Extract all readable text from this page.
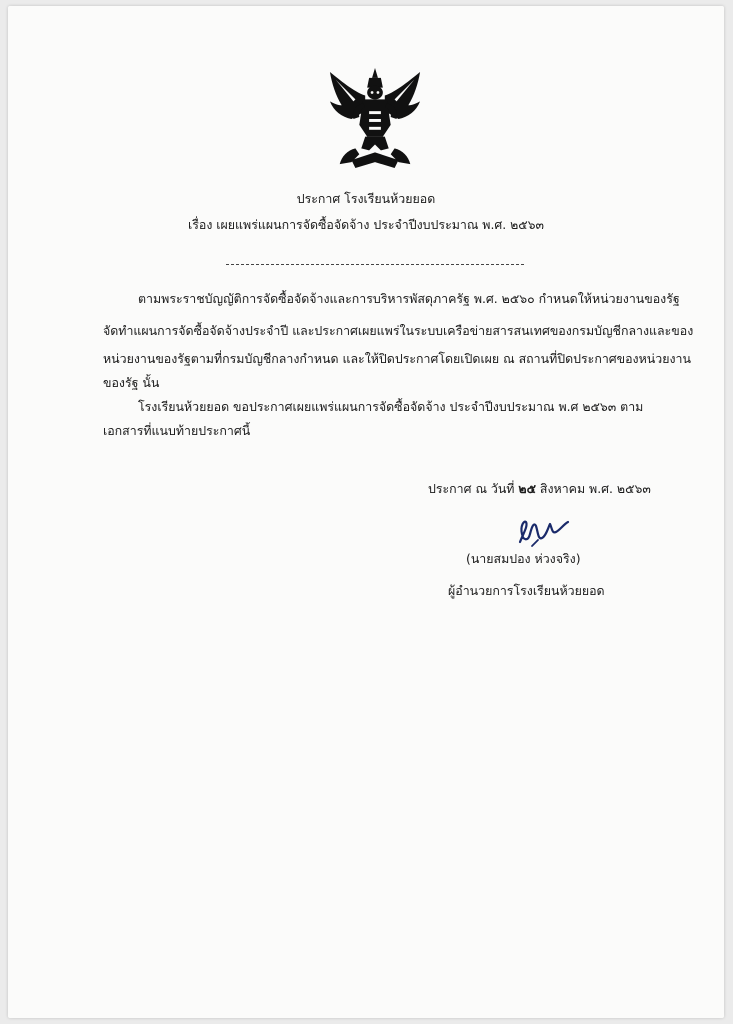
ประกาศ โรงเรียนห้วยยอด
เรื่อง เผยแพร่แผนการจัดซื้อจัดจ้าง ประจำปีงบประมาณ พ.ศ. ๒๕๖๓
ตามพระราชบัญญัติการจัดซื้อจัดจ้างและการบริหารพัสดุภาครัฐ พ.ศ. ๒๕๖๐ กำหนดให้หน่วยงานของรัฐ
จัดทำแผนการจัดซื้อจัดจ้างประจำปี และประกาศเผยแพร่ในระบบเครือข่ายสารสนเทศของกรมบัญชีกลางและของ
หน่วยงานของรัฐตามที่กรมบัญชีกลางกำหนด และให้ปิดประกาศโดยเปิดเผย ณ สถานที่ปิดประกาศของหน่วยงาน
ของรัฐ นั้น
โรงเรียนห้วยยอด ขอประกาศเผยแพร่แผนการจัดซื้อจัดจ้าง ประจำปีงบประมาณ พ.ศ ๒๕๖๓ ตาม
เอกสารที่แนบท้ายประกาศนี้
ประกาศ ณ วันที่ ๒๕ สิงหาคม พ.ศ. ๒๕๖๓
(นายสมปอง ห่วงจริง)
ผู้อำนวยการโรงเรียนห้วยยอด
